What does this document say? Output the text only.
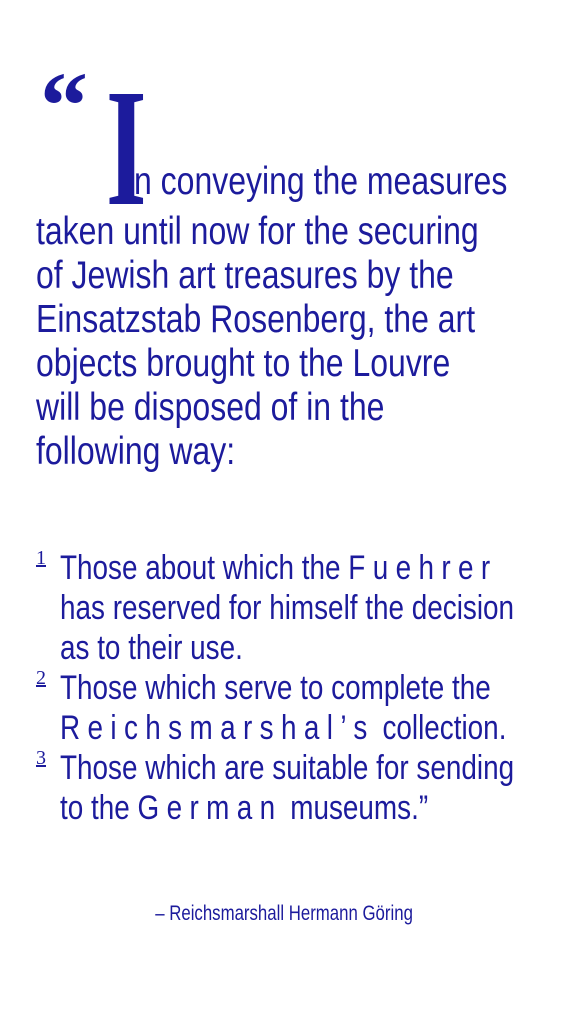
“ I
n conveying the measures
taken until now for the securing
of Jewish art treasures by the
Einsatzstab Rosenberg, the art
objects brought to the Louvre
will be disposed of in the
following way:
1 Those about which the Fuehrer
has reserved for himself the decision
as to their use.
2 Those which serve to complete the
Reichsmarshal’s collection.
3 Those which are suitable for sending
to the German museums.”
– Reichsmarshall Hermann Göring
